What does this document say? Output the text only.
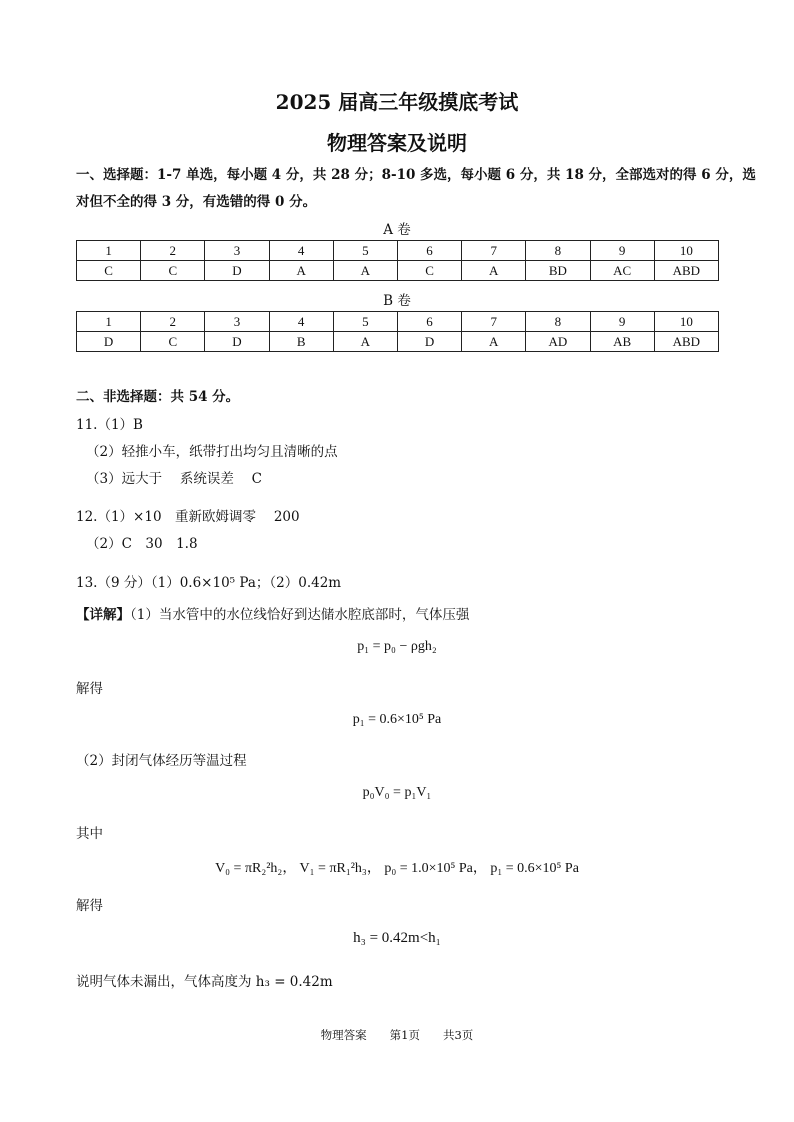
2025 届高三年级摸底考试
物理答案及说明
一、选择题：1-7 单选，每小题 4 分，共 28 分；8-10 多选，每小题 6 分，共 18 分，全部选对的得 6 分，选
对但不全的得 3 分，有选错的得 0 分。
A 卷
1	2	3	4	5	6	7	8	9	10
C	C	D	A	A	C	A	BD	AC	ABD
B 卷
1	2	3	4	5	6	7	8	9	10
D	C	D	B	A	D	A	AD	AB	ABD
二、非选择题：共 54 分。
11.（1）B
（2）轻推小车，纸带打出均匀且清晰的点
（3）远大于　 系统误差　 C
12.（1）×10　重新欧姆调零　 200
（2）C　30　1.8
13.（9 分）（1）0.6×10⁵ Pa；（2）0.42m
【详解】（1）当水管中的水位线恰好到达储水腔底部时，气体压强
p₁ = p₀ − ρgh₂
解得
p₁ = 0.6×10⁵ Pa
（2）封闭气体经历等温过程
p₀V₀ = p₁V₁
其中
V₀ = πR₂²h₂， V₁ = πR₁²h₃， p₀ = 1.0×10⁵ Pa， p₁ = 0.6×10⁵ Pa
解得
h₃ = 0.42m<h₁
说明气体未漏出，气体高度为 h₃ = 0.42m
物理答案　　第1页　　共3页
